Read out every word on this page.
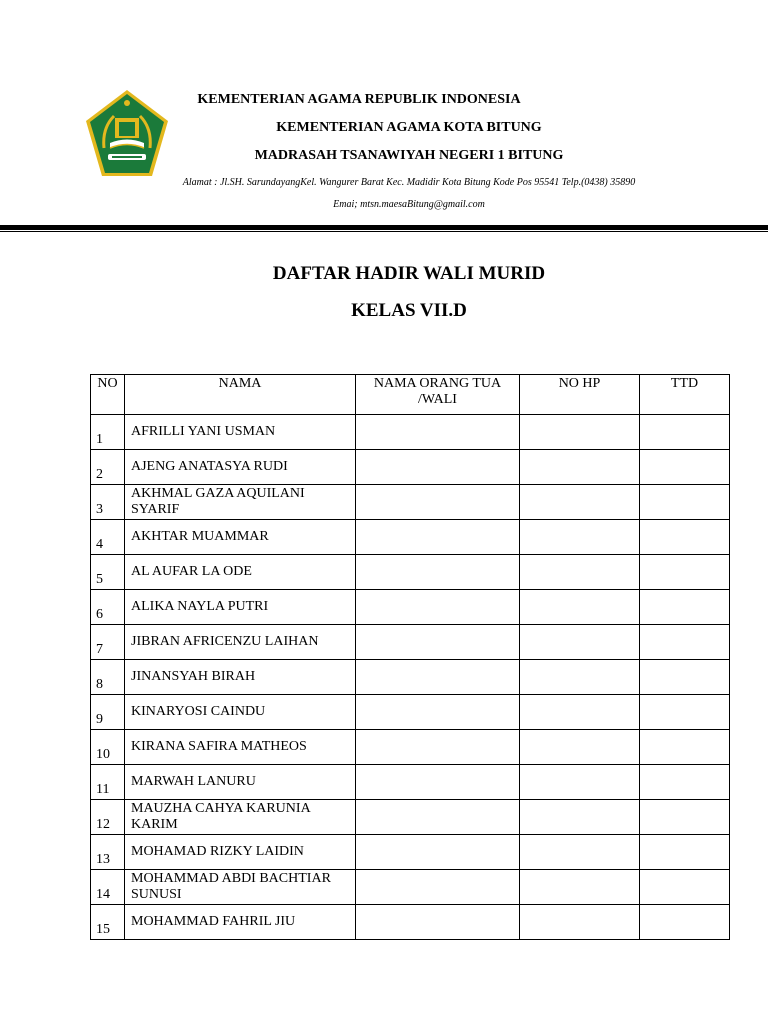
KEMENTERIAN AGAMA REPUBLIK INDONESIA
KEMENTERIAN AGAMA KOTA BITUNG
MADRASAH TSANAWIYAH NEGERI 1 BITUNG
Alamat : Jl.SH. SarundayangKel. Wangurer Barat Kec. Madidir Kota Bitung Kode Pos 95541 Telp.(0438) 35890
Emai; mtsn.maesaBitung@gmail.com
DAFTAR HADIR WALI MURID
KELAS VII.D
NO	NAMA	NAMA ORANG TUA /WALI	NO HP	TTD
1	AFRILLI YANI USMAN			
2	AJENG ANATASYA RUDI			
3	AKHMAL GAZA AQUILANI SYARIF			
4	AKHTAR MUAMMAR			
5	AL AUFAR LA ODE			
6	ALIKA NAYLA PUTRI			
7	JIBRAN AFRICENZU LAIHAN			
8	JINANSYAH BIRAH			
9	KINARYOSI CAINDU			
10	KIRANA SAFIRA MATHEOS			
11	MARWAH LANURU			
12	MAUZHA CAHYA KARUNIA KARIM			
13	MOHAMAD RIZKY LAIDIN			
14	MOHAMMAD ABDI BACHTIAR SUNUSI			
15	MOHAMMAD FAHRIL JIU			
